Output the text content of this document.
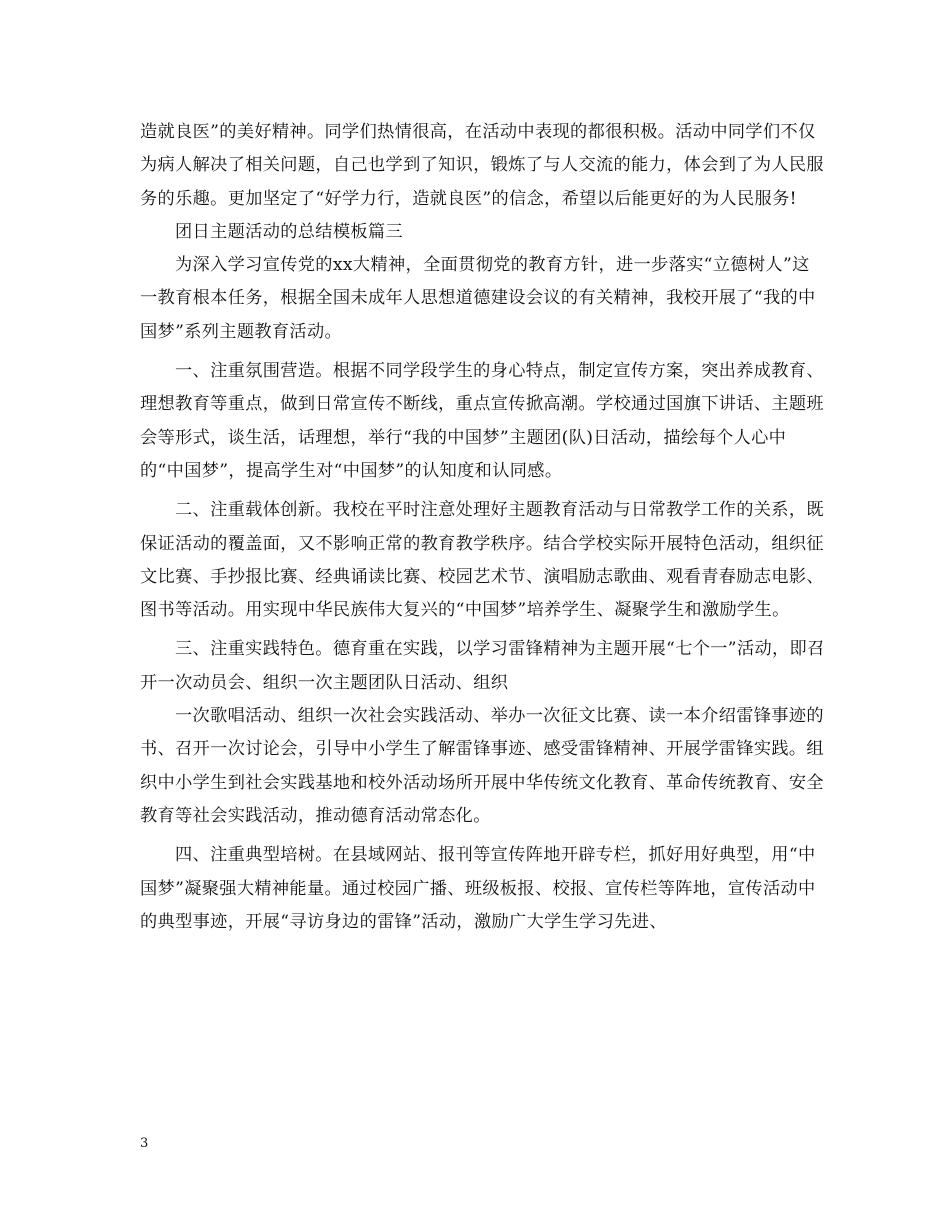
造就良医”的美好精神。同学们热情很高，在活动中表现的都很积极。活动中同学们不仅为病人解决了相关问题，自己也学到了知识，锻炼了与人交流的能力，体会到了为人民服务的乐趣。更加坚定了“好学力行，造就良医”的信念，希望以后能更好的为人民服务!

团日主题活动的总结模板篇三

为深入学习宣传党的xx大精神，全面贯彻党的教育方针，进一步落实“立德树人”这一教育根本任务，根据全国未成年人思想道德建设会议的有关精神，我校开展了“我的中国梦”系列主题教育活动。

一、注重氛围营造。根据不同学段学生的身心特点，制定宣传方案，突出养成教育、理想教育等重点，做到日常宣传不断线，重点宣传掀高潮。学校通过国旗下讲话、主题班会等形式，谈生活，话理想，举行“我的中国梦”主题团(队)日活动，描绘每个人心中的“中国梦”，提高学生对“中国梦”的认知度和认同感。

二、注重载体创新。我校在平时注意处理好主题教育活动与日常教学工作的关系，既保证活动的覆盖面，又不影响正常的教育教学秩序。结合学校实际开展特色活动，组织征文比赛、手抄报比赛、经典诵读比赛、校园艺术节、演唱励志歌曲、观看青春励志电影、图书等活动。用实现中华民族伟大复兴的“中国梦”培养学生、凝聚学生和激励学生。

三、注重实践特色。德育重在实践，以学习雷锋精神为主题开展“七个一”活动，即召开一次动员会、组织一次主题团队日活动、组织

一次歌唱活动、组织一次社会实践活动、举办一次征文比赛、读一本介绍雷锋事迹的书、召开一次讨论会，引导中小学生了解雷锋事迹、感受雷锋精神、开展学雷锋实践。组织中小学生到社会实践基地和校外活动场所开展中华传统文化教育、革命传统教育、安全教育等社会实践活动，推动德育活动常态化。

四、注重典型培树。在县域网站、报刊等宣传阵地开辟专栏，抓好用好典型，用“中国梦”凝聚强大精神能量。通过校园广播、班级板报、校报、宣传栏等阵地，宣传活动中的典型事迹，开展“寻访身边的雷锋”活动，激励广大学生学习先进、

3
